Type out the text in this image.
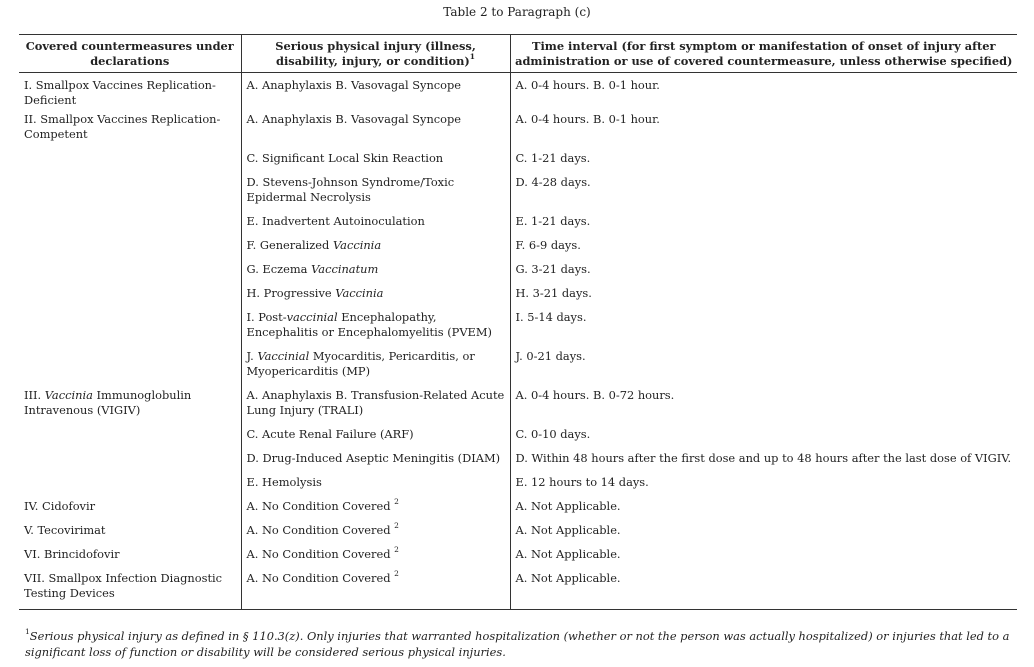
Table 2 to Paragraph (c)
Covered countermeasures under declarations	Serious physical injury (illness, disability, injury, or condition)$^1$	Time interval (for first symptom or manifestation of onset of injury after administration or use of covered countermeasure, unless otherwise specified)
I. Smallpox Vaccines Replication-Deficient	A. Anaphylaxis B. Vasovagal Syncope	A. 0-4 hours. B. 0-1 hour.
II. Smallpox Vaccines Replication-Competent	A. Anaphylaxis B. Vasovagal Syncope	A. 0-4 hours. B. 0-1 hour.
	C. Significant Local Skin Reaction	C. 1-21 days.
	D. Stevens-Johnson Syndrome/Toxic Epidermal Necrolysis	D. 4-28 days.
	E. Inadvertent Autoinoculation	E. 1-21 days.
	F. Generalized Vaccinia	F. 6-9 days.
	G. Eczema Vaccinatum	G. 3-21 days.
	H. Progressive Vaccinia	H. 3-21 days.
	I. Post-vaccinial Encephalopathy, Encephalitis or Encephalomyelitis (PVEM)	I. 5-14 days.
	J. Vaccinial Myocarditis, Pericarditis, or Myopericarditis (MP)	J. 0-21 days.
III. Vaccinia Immunoglobulin Intravenous (VIGIV)	A. Anaphylaxis B. Transfusion-Related Acute Lung Injury (TRALI)	A. 0-4 hours. B. 0-72 hours.
	C. Acute Renal Failure (ARF)	C. 0-10 days.
	D. Drug-Induced Aseptic Meningitis (DIAM)	D. Within 48 hours after the first dose and up to 48 hours after the last dose of VIGIV.
	E. Hemolysis	E. 12 hours to 14 days.
IV. Cidofovir	A. No Condition Covered $^2$	A. Not Applicable.
V. Tecovirimat	A. No Condition Covered $^2$	A. Not Applicable.
VI. Brincidofovir	A. No Condition Covered $^2$	A. Not Applicable.
VII. Smallpox Infection Diagnostic Testing Devices	A. No Condition Covered $^2$	A. Not Applicable.
$^1$Serious physical injury as defined in § 110.3(z). Only injuries that warranted hospitalization (whether or not the person was actually hospitalized) or injuries that led to a significant loss of function or disability will be considered serious physical injuries.
